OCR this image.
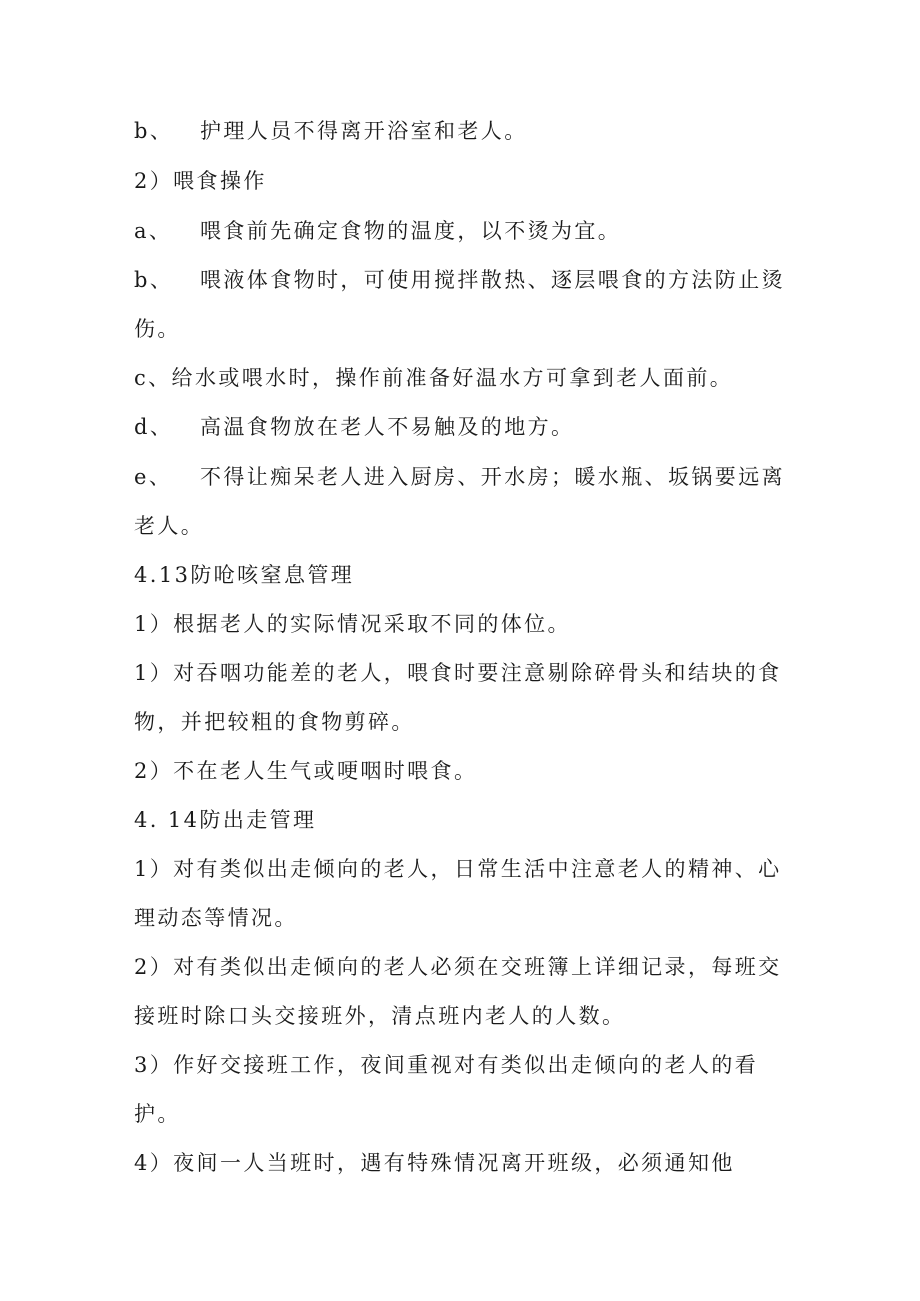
b、 护理人员不得离开浴室和老人。
2）喂食操作
a、 喂食前先确定食物的温度，以不烫为宜。
b、 喂液体食物时，可使用搅拌散热、逐层喂食的方法防止烫
伤。
c、给水或喂水时，操作前准备好温水方可拿到老人面前。
d、 高温食物放在老人不易触及的地方。
e、 不得让痴呆老人进入厨房、开水房；暖水瓶、坂锅要远离
老人。
4.13防呛咳窒息管理
1）根据老人的实际情况采取不同的体位。
1）对吞咽功能差的老人，喂食时要注意剔除碎骨头和结块的食
物，并把较粗的食物剪碎。
2）不在老人生气或哽咽时喂食。
4. 14防出走管理
1）对有类似出走倾向的老人，日常生活中注意老人的精神、心
理动态等情况。
2）对有类似出走倾向的老人必须在交班簿上详细记录，每班交
接班时除口头交接班外，清点班内老人的人数。
3）作好交接班工作，夜间重视对有类似出走倾向的老人的看
护。
4）夜间一人当班时，遇有特殊情况离开班级，必须通知他
